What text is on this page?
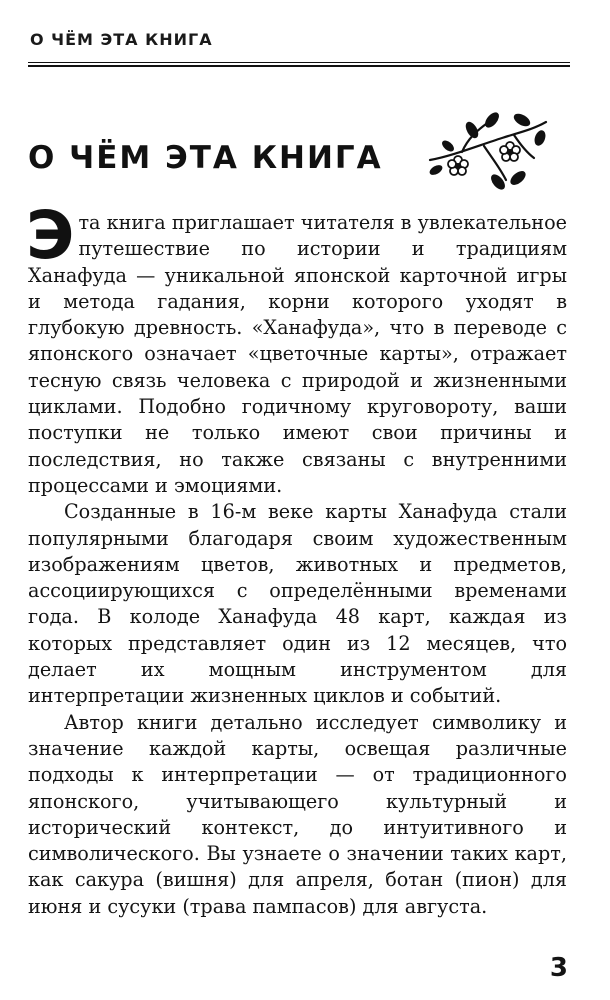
О ЧЁМ ЭТА КНИГА
О ЧЁМ ЭТА КНИГА

Э та книга приглашает читателя в увлекательное путешествие по истории и традициям Ханафуда — уникальной японской карточной игры и метода гадания, корни которого уходят в глубокую древность. «Ханафуда», что в переводе с японского означает «цветочные карты», отражает тесную связь человека с природой и жизненными циклами. Подобно годичному круговороту, ваши поступки не только имеют свои причины и последствия, но также связаны с внутренними процессами и эмоциями.

Созданные в 16-м веке карты Ханафуда стали популярными благодаря своим художественным изображениям цветов, животных и предметов, ассоциирующихся с определёнными временами года. В колоде Ханафуда 48 карт, каждая из которых представляет один из 12 месяцев, что делает их мощным инструментом для интерпретации жизненных циклов и событий.

Автор книги детально исследует символику и значение каждой карты, освещая различные подходы к интерпретации — от традиционного японского, учитывающего культурный и исторический контекст, до интуитивного и символического. Вы узнаете о значении таких карт, как сакура (вишня) для апреля, ботан (пион) для июня и сусуки (трава пампасов) для августа.

3
